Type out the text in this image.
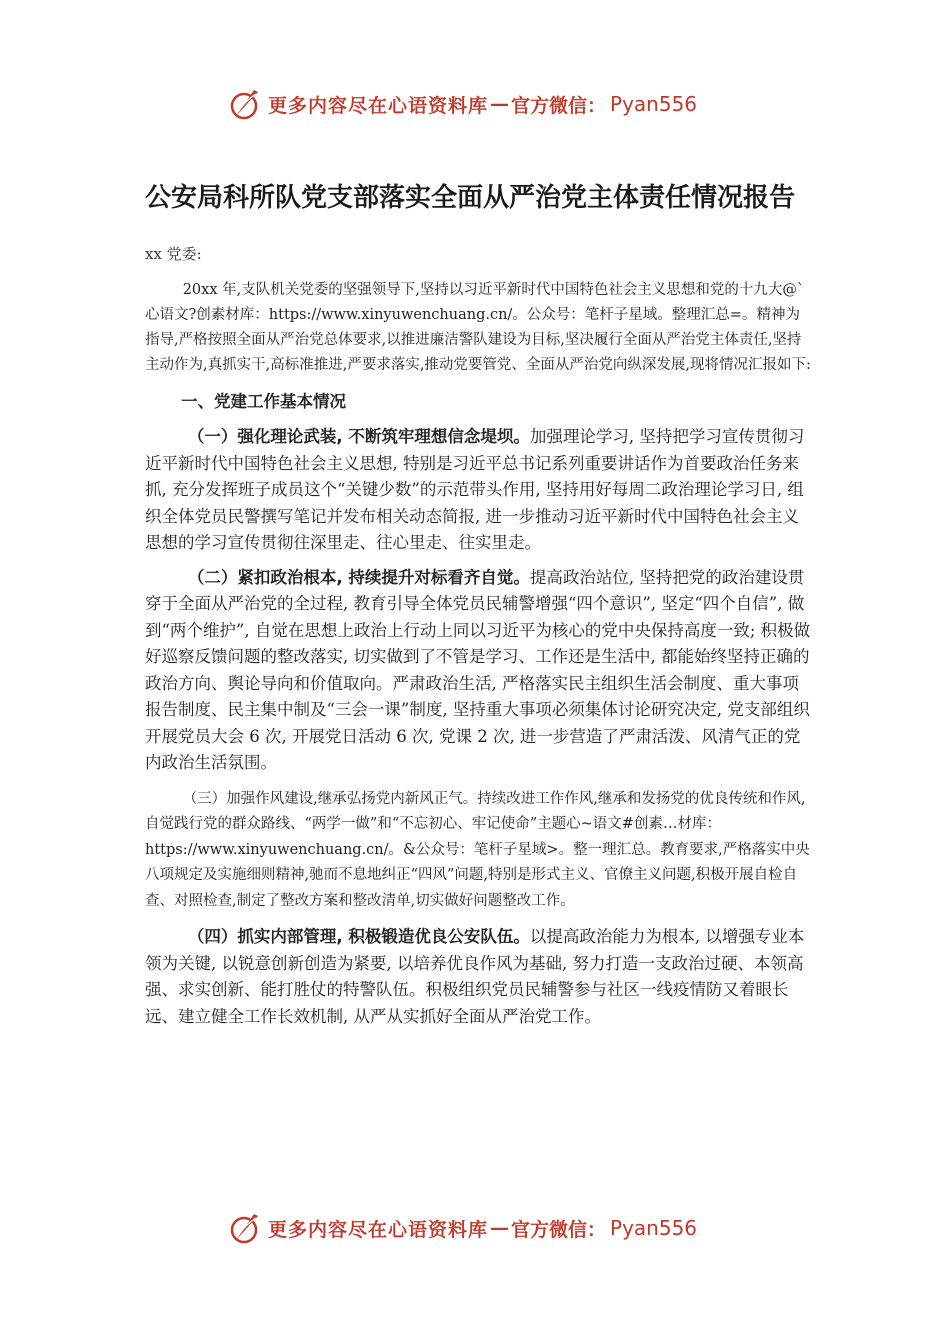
更多内容尽在心语资料库 — 官方微信： Pyan556
公安局科所队党支部落实全面从严治党主体责任情况报告
xx 党委:

20xx 年,支队机关党委的坚强领导下,坚持以习近平新时代中国特色社会主义思想和党的十九大@`心语文?创素材库：https://www.xinyuwenchuang.cn/。公众号：笔杆子星域。整理汇总=。精神为指导,严格按照全面从严治党总体要求,以推进廉洁警队建设为目标,坚决履行全面从严治党主体责任,坚持主动作为,真抓实干,高标准推进,严要求落实,推动党要管党、全面从严治党向纵深发展,现将情况汇报如下:

一、党建工作基本情况

（一）强化理论武装, 不断筑牢理想信念堤坝。加强理论学习, 坚持把学习宣传贯彻习近平新时代中国特色社会主义思想, 特别是习近平总书记系列重要讲话作为首要政治任务来抓, 充分发挥班子成员这个“关键少数”的示范带头作用, 坚持用好每周二政治理论学习日, 组织全体党员民警撰写笔记并发布相关动态简报, 进一步推动习近平新时代中国特色社会主义思想的学习宣传贯彻往深里走、往心里走、往实里走。

（二）紧扣政治根本, 持续提升对标看齐自觉。提高政治站位, 坚持把党的政治建设贯穿于全面从严治党的全过程, 教育引导全体党员民辅警增强“四个意识”, 坚定“四个自信”, 做到“两个维护”, 自觉在思想上政治上行动上同以习近平为核心的党中央保持高度一致; 积极做好巡察反馈问题的整改落实, 切实做到了不管是学习、工作还是生活中, 都能始终坚持正确的政治方向、舆论导向和价值取向。严肃政治生活, 严格落实民主组织生活会制度、重大事项报告制度、民主集中制及“三会一课”制度, 坚持重大事项必须集体讨论研究决定, 党支部组织开展党员大会 6 次, 开展党日活动 6 次, 党课 2 次, 进一步营造了严肃活泼、风清气正的党内政治生活氛围。

（三）加强作风建设,继承弘扬党内新风正气。持续改进工作作风,继承和发扬党的优良传统和作风,自觉践行党的群众路线、“两学一做”和“不忘初心、牢记使命”主题心~语文#创素…材库：https://www.xinyuwenchuang.cn/。&公众号：笔杆子星域>。整一理汇总。教育要求,严格落实中央八项规定及实施细则精神,驰而不息地纠正“四风”问题,特别是形式主义、官僚主义问题,积极开展自检自查、对照检查,制定了整改方案和整改清单,切实做好问题整改工作。

（四）抓实内部管理, 积极锻造优良公安队伍。以提高政治能力为根本, 以增强专业本领为关键, 以锐意创新创造为紧要, 以培养优良作风为基础, 努力打造一支政治过硬、本领高强、求实创新、能打胜仗的特警队伍。积极组织党员民辅警参与社区一线疫情防又着眼长远、建立健全工作长效机制, 从严从实抓好全面从严治党工作。

更多内容尽在心语资料库 — 官方微信： Pyan556
